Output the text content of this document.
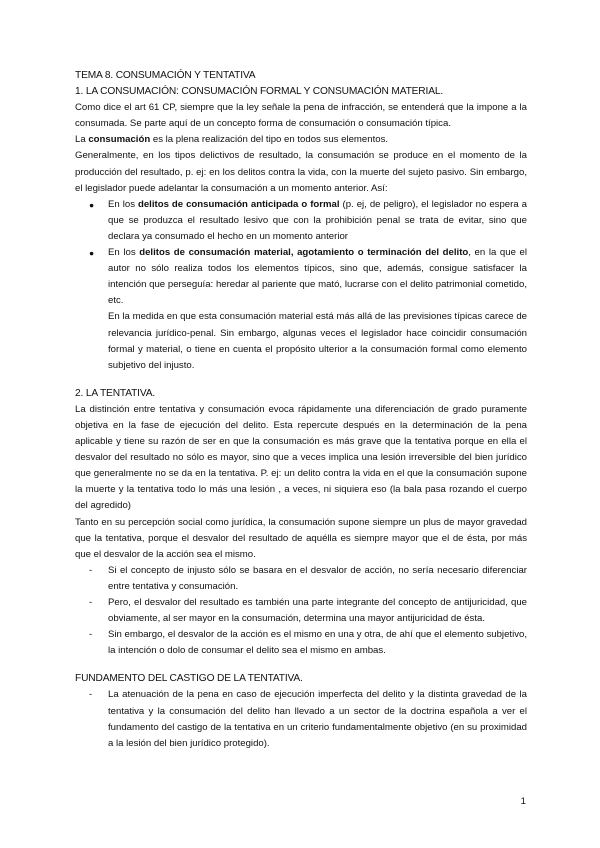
TEMA 8. CONSUMACIÓN Y TENTATIVA
1. LA CONSUMACIÓN: CONSUMACIÓN FORMAL Y CONSUMACIÓN MATERIAL.

Como dice el art 61 CP, siempre que la ley señale la pena de infracción, se entenderá que la impone a la consumada. Se parte aquí de un concepto forma de consumación o consumación típica.

La consumación es la plena realización del tipo en todos sus elementos.

Generalmente, en los tipos delictivos de resultado, la consumación se produce en el momento de la producción del resultado, p. ej: en los delitos contra la vida, con la muerte del sujeto pasivo. Sin embargo, el legislador puede adelantar la consumación a un momento anterior. Así:

● En los delitos de consumación anticipada o formal (p. ej, de peligro), el legislador no espera a que se produzca el resultado lesivo que con la prohibición penal se trata de evitar, sino que declara ya consumado el hecho en un momento anterior
● En los delitos de consumación material, agotamiento o terminación del delito, en la que el autor no sólo realiza todos los elementos típicos, sino que, además, consigue satisfacer la intención que perseguía: heredar al pariente que mató, lucrarse con el delito patrimonial cometido, etc.

En la medida en que esta consumación material está más allá de las previsiones típicas carece de relevancia jurídico-penal. Sin embargo, algunas veces el legislador hace coincidir consumación formal y material, o tiene en cuenta el propósito ulterior a la consumación formal como elemento subjetivo del injusto.

2. LA TENTATIVA.

La distinción entre tentativa y consumación evoca rápidamente una diferenciación de grado puramente objetiva en la fase de ejecución del delito. Esta repercute después en la determinación de la pena aplicable y tiene su razón de ser en que la consumación es más grave que la tentativa porque en ella el desvalor del resultado no sólo es mayor, sino que a veces implica una lesión irreversible del bien jurídico que generalmente no se da en la tentativa. P. ej: un delito contra la vida en el que la consumación supone la muerte y la tentativa todo lo más una lesión , a veces, ni siquiera eso (la bala pasa rozando el cuerpo del agredido)

Tanto en su percepción social como jurídica, la consumación supone siempre un plus de mayor gravedad que la tentativa, porque el desvalor del resultado de aquélla es siempre mayor que el de ésta, por más que el desvalor de la acción sea el mismo.

- Si el concepto de injusto sólo se basara en el desvalor de acción, no sería necesario diferenciar entre tentativa y consumación.
- Pero, el desvalor del resultado es también una parte integrante del concepto de antijuricidad, que obviamente, al ser mayor en la consumación, determina una mayor antijuricidad de ésta.
- Sin embargo, el desvalor de la acción es el mismo en una y otra, de ahí que el elemento subjetivo, la intención o dolo de consumar el delito sea el mismo en ambas.
FUNDAMENTO DEL CASTIGO DE LA TENTATIVA.
- La atenuación de la pena en caso de ejecución imperfecta del delito y la distinta gravedad de la tentativa y la consumación del delito han llevado a un sector de la doctrina española a ver el fundamento del castigo de la tentativa en un criterio fundamentalmente objetivo (en su proximidad a la lesión del bien jurídico protegido).
1
